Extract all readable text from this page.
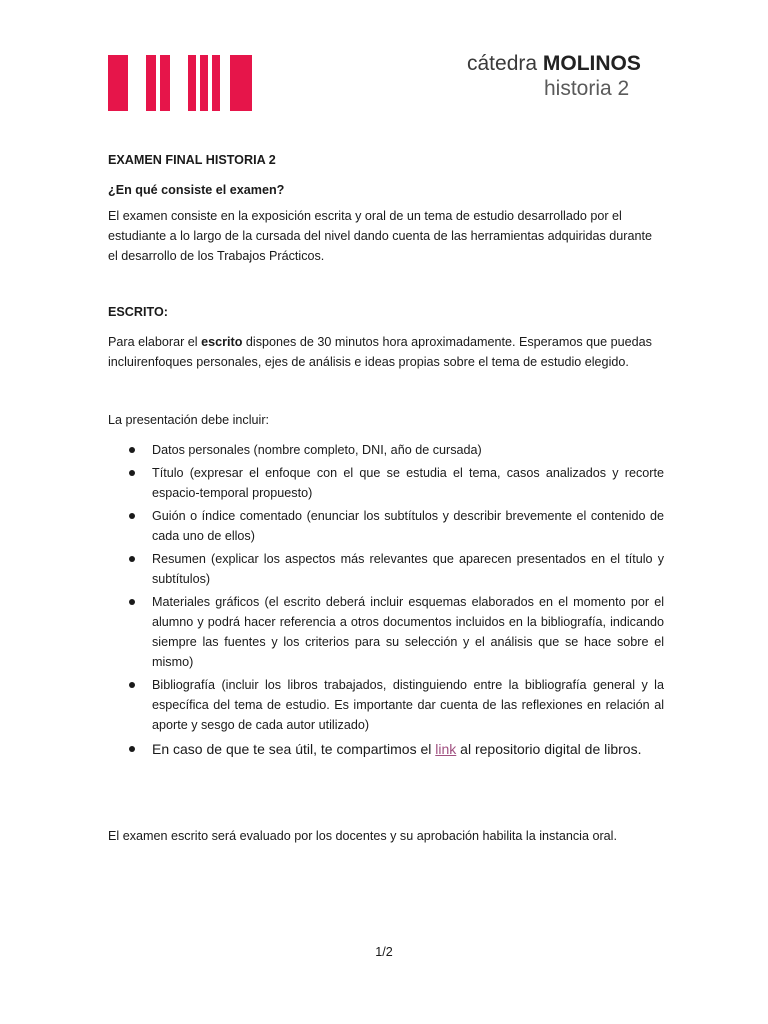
cátedra MOLINOS
historia 2

EXAMEN FINAL HISTORIA 2

¿En qué consiste el examen?

El examen consiste en la exposición escrita y oral de un tema de estudio desarrollado por el estudiante a lo largo de la cursada del nivel dando cuenta de las herramientas adquiridas durante el desarrollo de los Trabajos Prácticos.

ESCRITO:

Para elaborar el escrito dispones de 30 minutos hora aproximadamente. Esperamos que puedas incluirenfoques personales, ejes de análisis e ideas propias sobre el tema de estudio elegido.

La presentación debe incluir:

Datos personales (nombre completo, DNI, año de cursada)
Título (expresar el enfoque con el que se estudia el tema, casos analizados y recorte espacio-temporal propuesto)
Guión o índice comentado (enunciar los subtítulos y describir brevemente el contenido de cada uno de ellos)
Resumen (explicar los aspectos más relevantes que aparecen presentados en el título y subtítulos)
Materiales gráficos (el escrito deberá incluir esquemas elaborados en el momento por el alumno y podrá hacer referencia a otros documentos incluidos en la bibliografía, indicando siempre las fuentes y los criterios para su selección y el análisis que se hace sobre el mismo)
Bibliografía (incluir los libros trabajados, distinguiendo entre la bibliografía general y la específica del tema de estudio. Es importante dar cuenta de las reflexiones en relación al aporte y sesgo de cada autor utilizado)
En caso de que te sea útil, te compartimos el link al repositorio digital de libros.

El examen escrito será evaluado por los docentes y su aprobación habilita la instancia oral.

1/2
